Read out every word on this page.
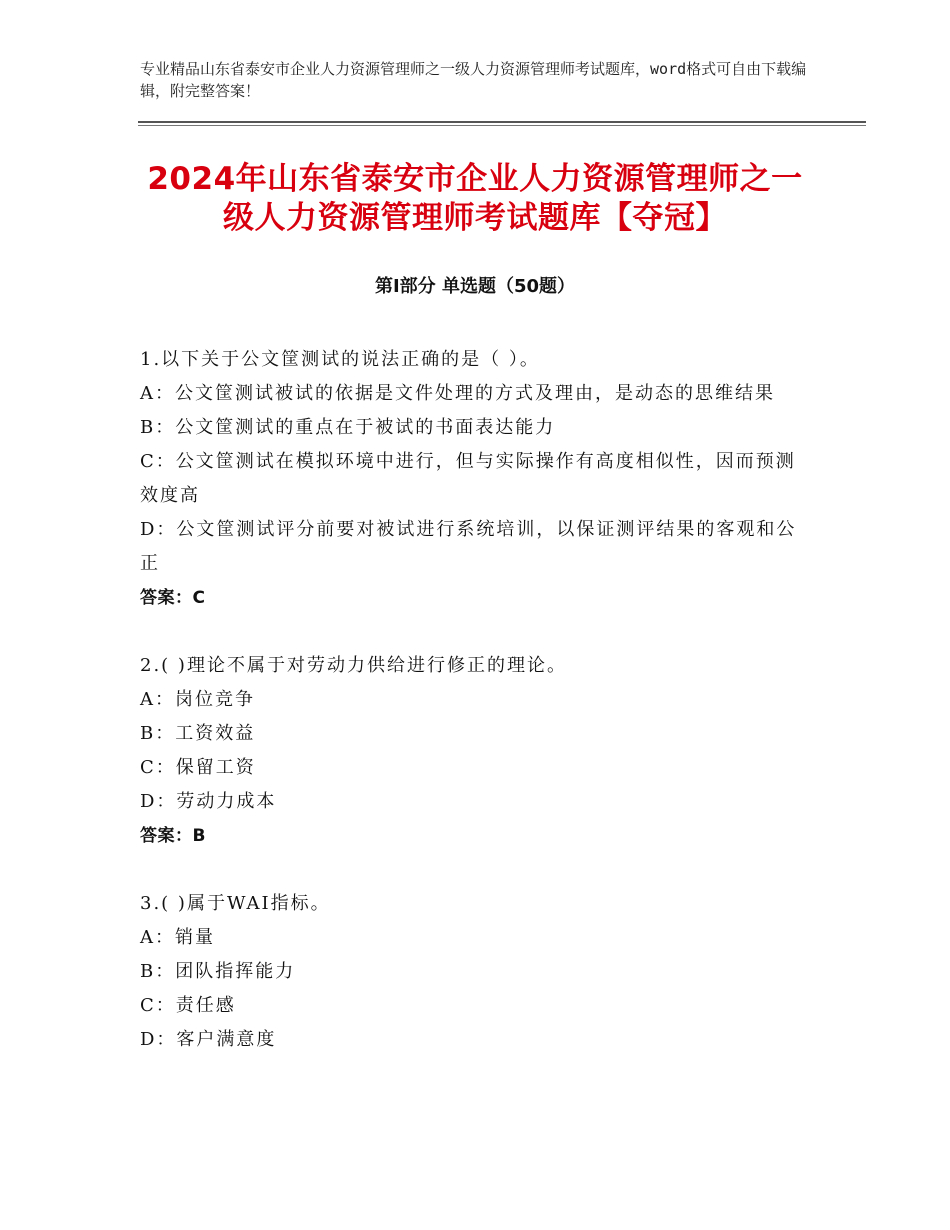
专业精品山东省泰安市企业人力资源管理师之一级人力资源管理师考试题库，word格式可自由下载编辑，附完整答案！
2024年山东省泰安市企业人力资源管理师之一级人力资源管理师考试题库【夺冠】
第Ⅰ部分 单选题（50题）
1.以下关于公文筐测试的说法正确的是（ ）。
A：公文筐测试被试的依据是文件处理的方式及理由，是动态的思维结果
B：公文筐测试的重点在于被试的书面表达能力
C：公文筐测试在模拟环境中进行，但与实际操作有高度相似性，因而预测效度高
D：公文筐测试评分前要对被试进行系统培训，以保证测评结果的客观和公正
答案：C
2.( )理论不属于对劳动力供给进行修正的理论。
A：岗位竞争
B：工资效益
C：保留工资
D：劳动力成本
答案：B
3.( )属于WAI指标。
A：销量
B：团队指挥能力
C：责任感
D：客户满意度
